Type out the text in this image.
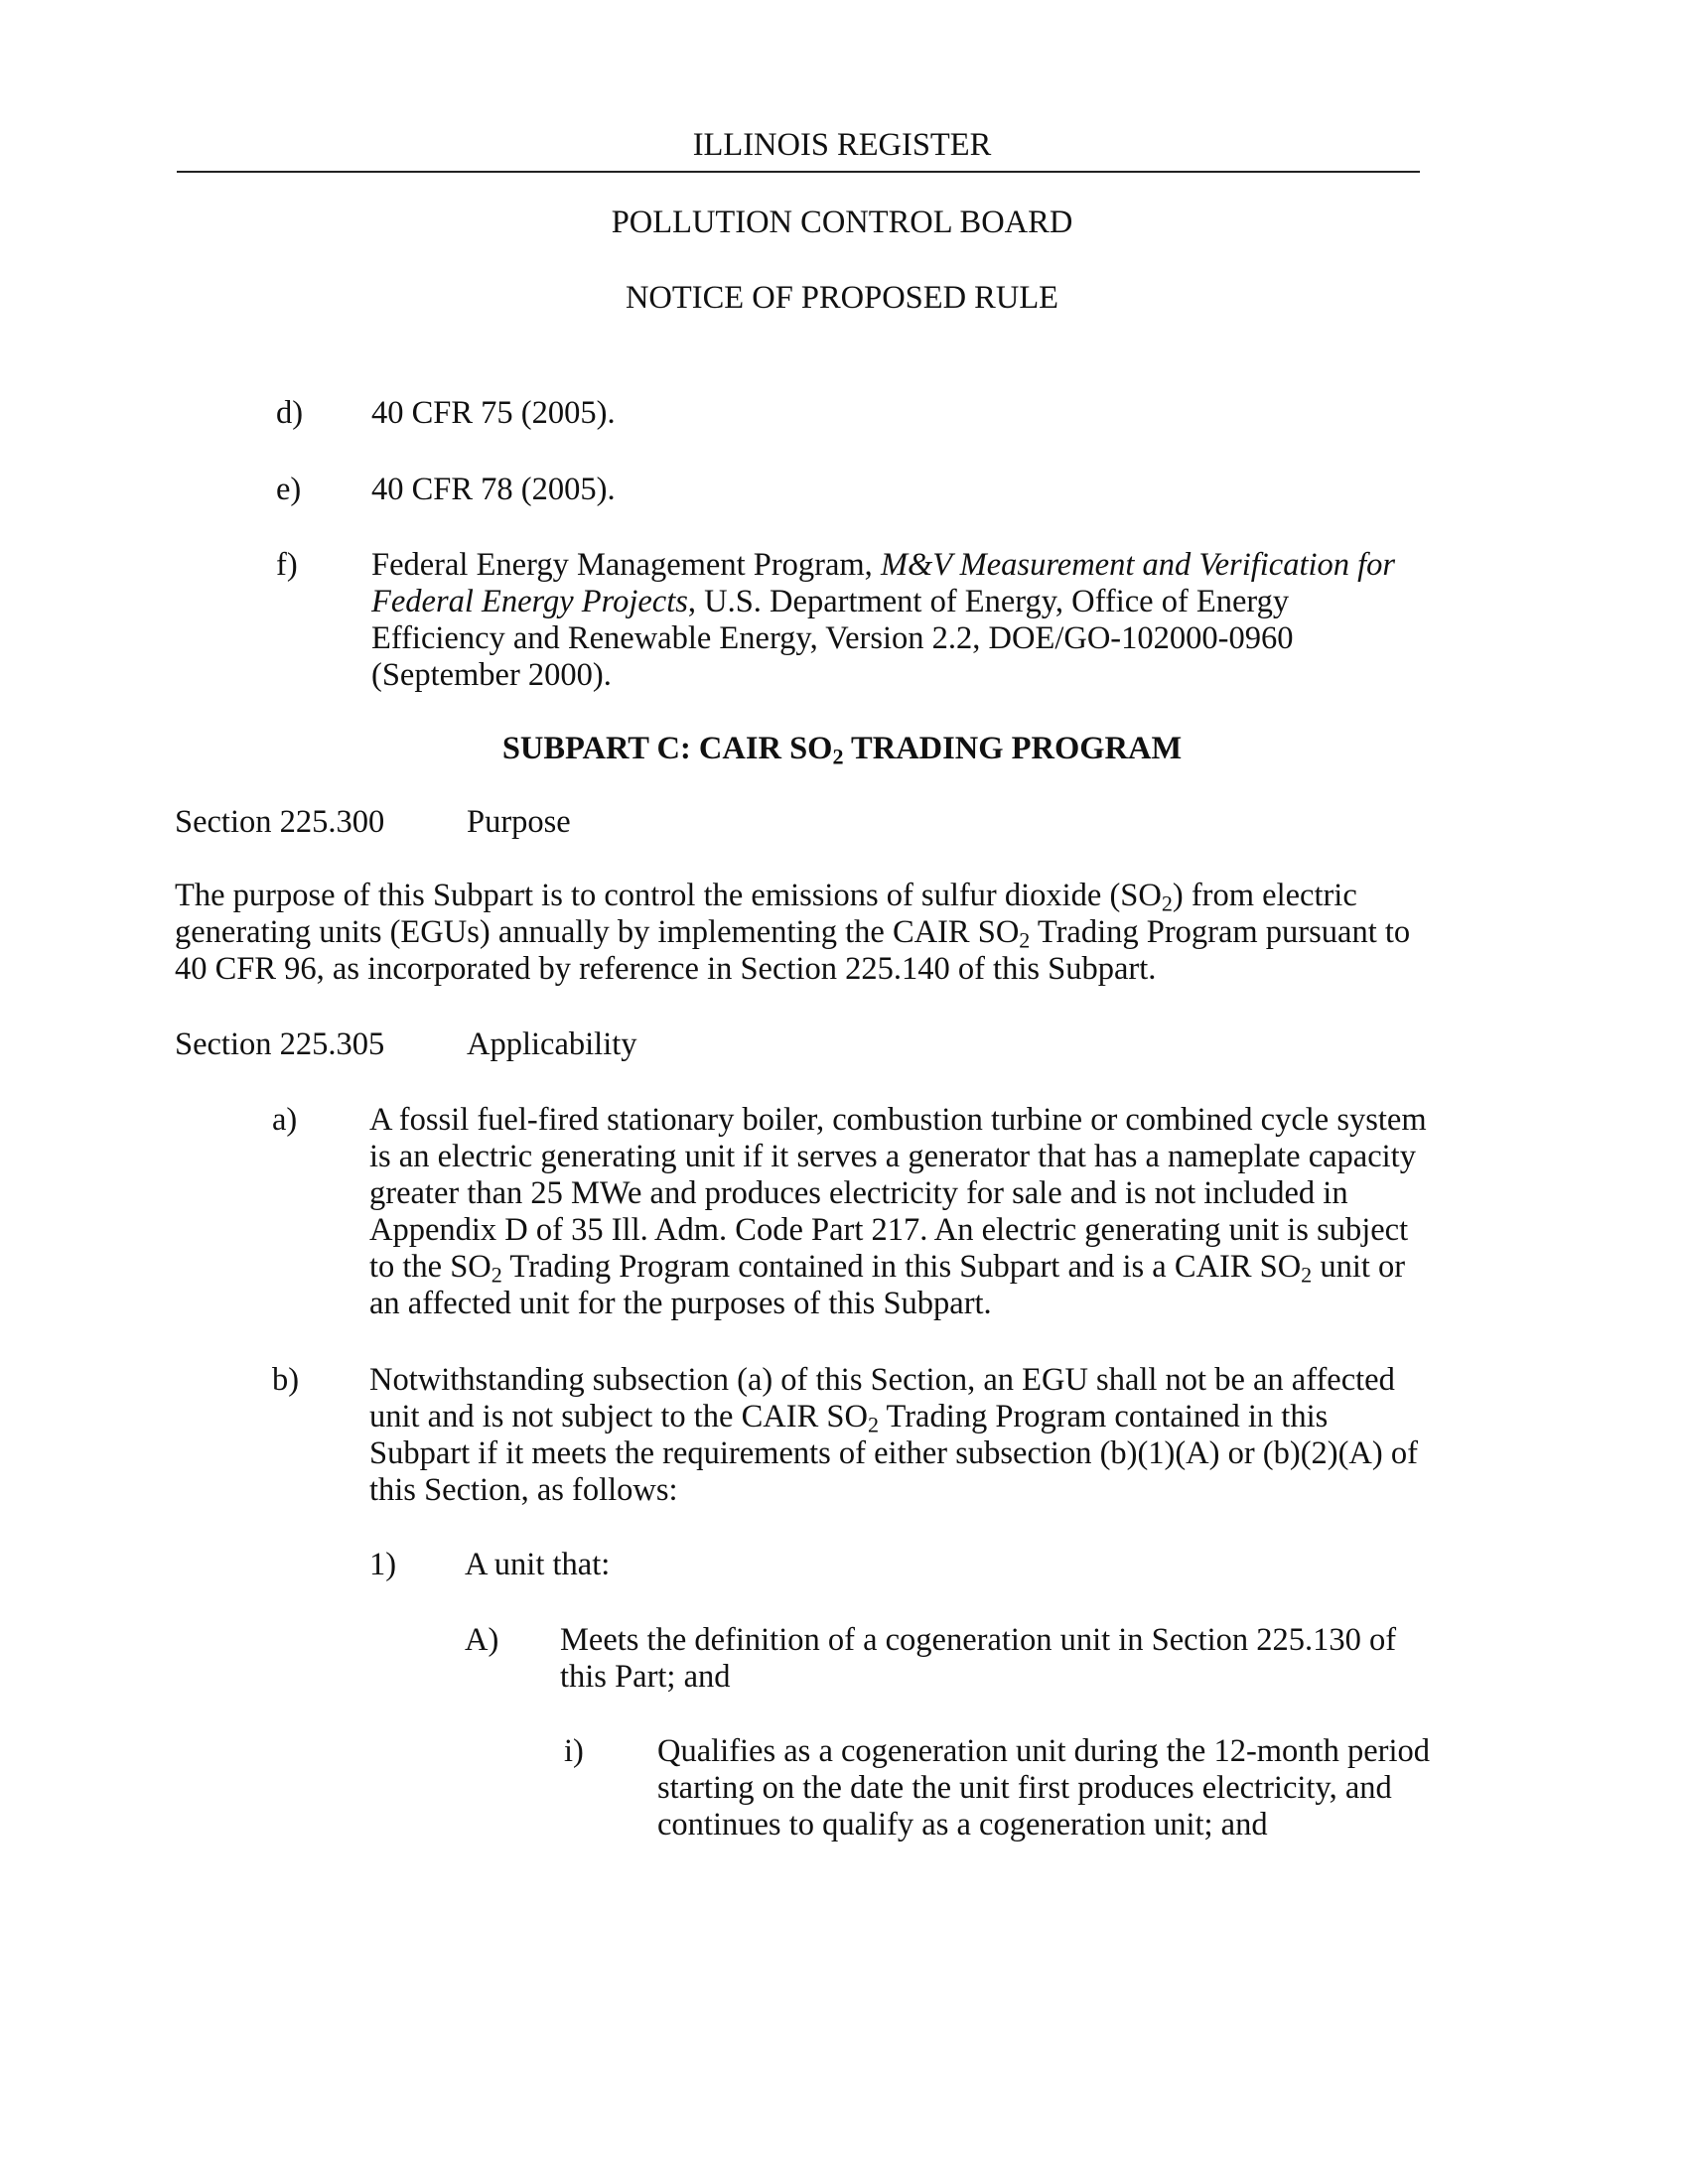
ILLINOIS REGISTER
POLLUTION CONTROL BOARD
NOTICE OF PROPOSED RULE
d) 40 CFR 75 (2005).
e) 40 CFR 78 (2005).
f) Federal Energy Management Program, M&V Measurement and Verification for
Federal Energy Projects, U.S. Department of Energy, Office of Energy
Efficiency and Renewable Energy, Version 2.2, DOE/GO-102000-0960
(September 2000).
SUBPART C: CAIR $SO_2$ TRADING PROGRAM
Section 225.300	Purpose
The purpose of this Subpart is to control the emissions of sulfur dioxide $(SO_2)$ from electric
generating units (EGUs) annually by implementing the CAIR $SO_2$ Trading Program pursuant to
40 CFR 96, as incorporated by reference in Section 225.140 of this Subpart.
Section 225.305	Applicability
a) A fossil fuel-fired stationary boiler, combustion turbine or combined cycle system
is an electric generating unit if it serves a generator that has a nameplate capacity
greater than 25 MWe and produces electricity for sale and is not included in
Appendix D of 35 Ill. Adm. Code Part 217. An electric generating unit is subject
to the $SO_2$ Trading Program contained in this Subpart and is a CAIR $SO_2$ unit or
an affected unit for the purposes of this Subpart.
b) Notwithstanding subsection (a) of this Section, an EGU shall not be an affected
unit and is not subject to the CAIR $SO_2$ Trading Program contained in this
Subpart if it meets the requirements of either subsection (b)(1)(A) or (b)(2)(A) of
this Section, as follows:
1) A unit that:
A) Meets the definition of a cogeneration unit in Section 225.130 of
this Part; and
i) Qualifies as a cogeneration unit during the 12-month period
starting on the date the unit first produces electricity, and
continues to qualify as a cogeneration unit; and
